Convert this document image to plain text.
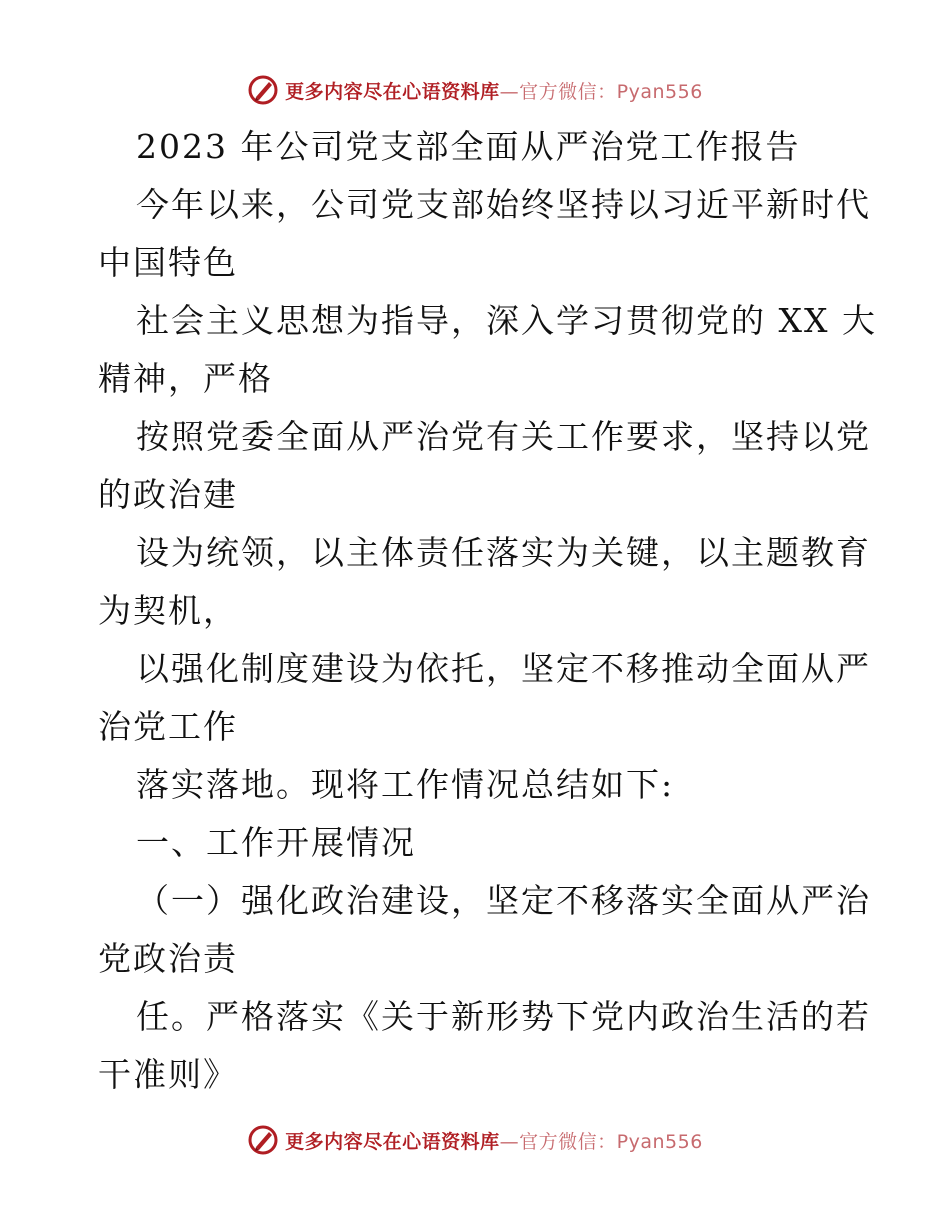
更多内容尽在心语资料库—官方微信：Pyan556
2023 年公司党支部全面从严治党工作报告
今年以来，公司党支部始终坚持以习近平新时代
中国特色
社会主义思想为指导，深入学习贯彻党的 XX 大
精神，严格
按照党委全面从严治党有关工作要求，坚持以党
的政治建
设为统领，以主体责任落实为关键，以主题教育
为契机，
以强化制度建设为依托，坚定不移推动全面从严
治党工作
落实落地。现将工作情况总结如下:
一、工作开展情况
（一）强化政治建设，坚定不移落实全面从严治
党政治责
任。严格落实《关于新形势下党内政治生活的若
干准则》
更多内容尽在心语资料库—官方微信：Pyan556
